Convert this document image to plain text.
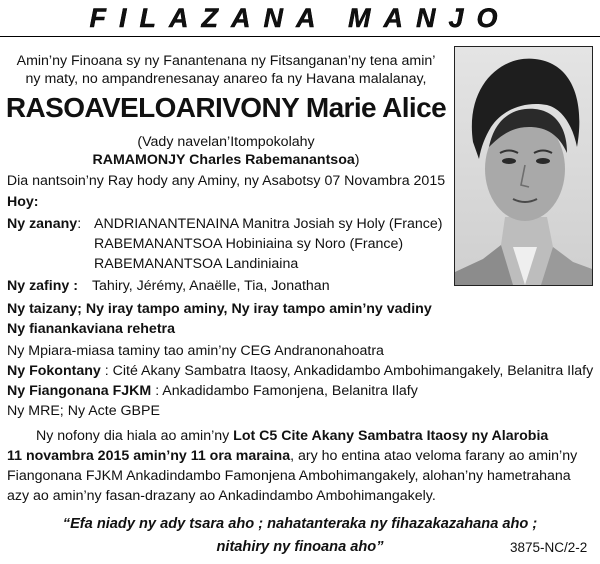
FILAZANA MANJO
Amin’ny Finoana sy ny Fanantenana ny Fitsanganan’ny tena amin’
ny maty, no ampandrenesanay anareo fa ny Havana malalanay,
RASOAVELOARIVONY Marie Alice
(Vady navelan’Itompokolahy
RAMAMONJY Charles Rabemanantsoa)
Dia nantsoin’ny Ray hody any Aminy, ny Asabotsy 07 Novambra 2015
Hoy:
Ny zanany: ANDRIANANTENAINA Manitra Josiah sy Holy (France)
RABEMANANTSOA Hobiniaina sy Noro (France)
RABEMANANTSOA Landiniaina
Ny zafiny : Tahiry, Jérémy, Anaëlle, Tia, Jonathan
Ny taizany; Ny iray tampo aminy, Ny iray tampo amin’ny vadiny
Ny fianankaviana rehetra
Ny Mpiara-miasa taminy tao amin’ny CEG Andranonahoatra
Ny Fokontany : Cité Akany Sambatra Itaosy, Ankadidambo Ambohimangakely, Belanitra Ilafy
Ny Fiangonana FJKM : Ankadidambo Famonjena, Belanitra Ilafy
Ny MRE; Ny Acte GBPE
Ny nofony dia hiala ao amin’ny Lot C5 Cite Akany Sambatra Itaosy ny Alarobia
11 novambra 2015 amin’ny 11 ora maraina, ary ho entina atao veloma farany ao amin’ny
Fiangonana FJKM Ankadindambo Famonjena Ambohimangakely, alohan’ny hametrahana
azy ao amin’ny fasan-drazany ao Ankadindambo Ambohimangakely.
“Efa niady ny ady tsara aho ; nahatanteraka ny fihazakazahana aho ;
nitahiry ny finoana aho”	3875-NC/2-2
